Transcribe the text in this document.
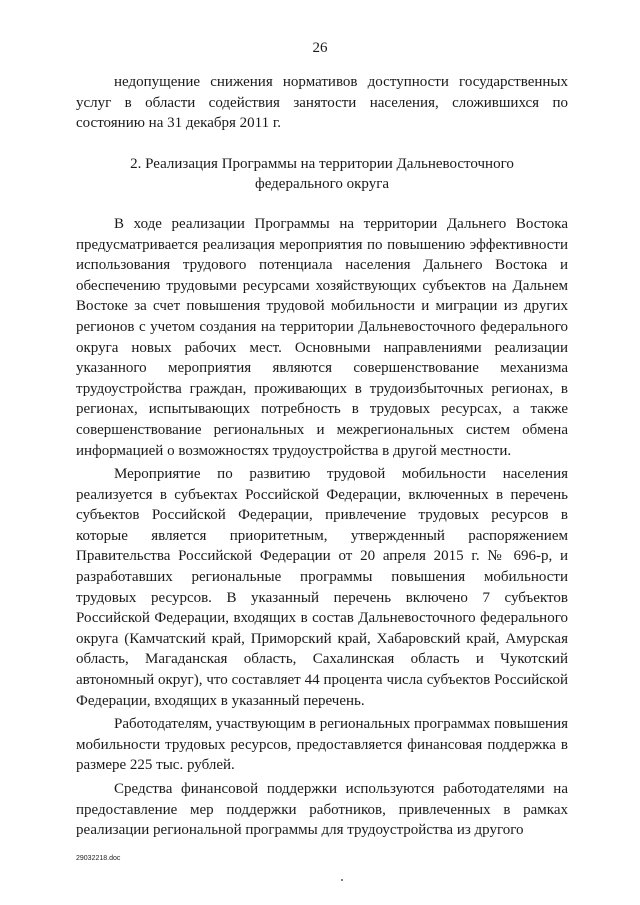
26

недопущение снижения нормативов доступности государственных услуг в области содействия занятости населения, сложившихся по состоянию на 31 декабря 2011 г.

2. Реализация Программы на территории Дальневосточного
федерального округа

В ходе реализации Программы на территории Дальнего Востока предусматривается реализация мероприятия по повышению эффективности использования трудового потенциала населения Дальнего Востока и обеспечению трудовыми ресурсами хозяйствующих субъектов на Дальнем Востоке за счет повышения трудовой мобильности и миграции из других регионов с учетом создания на территории Дальневосточного федерального округа новых рабочих мест. Основными направлениями реализации указанного мероприятия являются совершенствование механизма трудоустройства граждан, проживающих в трудоизбыточных регионах, в регионах, испытывающих потребность в трудовых ресурсах, а также совершенствование региональных и межрегиональных систем обмена информацией о возможностях трудоустройства в другой местности.

Мероприятие по развитию трудовой мобильности населения реализуется в субъектах Российской Федерации, включенных в перечень субъектов Российской Федерации, привлечение трудовых ресурсов в которые является приоритетным, утвержденный распоряжением Правительства Российской Федерации от 20 апреля 2015 г. № 696-р, и разработавших региональные программы повышения мобильности трудовых ресурсов. В указанный перечень включено 7 субъектов Российской Федерации, входящих в состав Дальневосточного федерального округа (Камчатский край, Приморский край, Хабаровский край, Амурская область, Магаданская область, Сахалинская область и Чукотский автономный округ), что составляет 44 процента числа субъектов Российской Федерации, входящих в указанный перечень.

Работодателям, участвующим в региональных программах повышения мобильности трудовых ресурсов, предоставляется финансовая поддержка в размере 225 тыс. рублей.

Средства финансовой поддержки используются работодателями на предоставление мер поддержки работников, привлеченных в рамках реализации региональной программы для трудоустройства из другого

29032218.doc
